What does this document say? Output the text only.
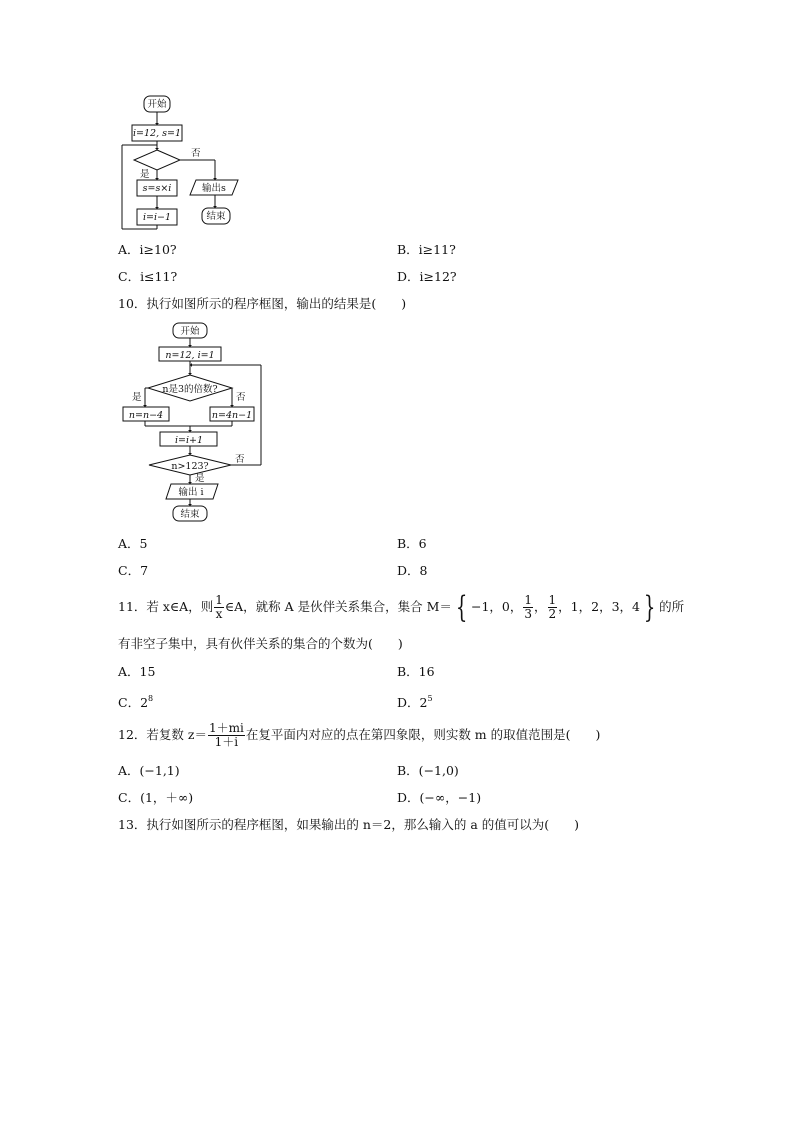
开始
i=12, s=1
否
是
s=s×i
i=i−1
输出s
结束
A．i≥10?	B．i≥11?
C．i≤11?	D．i≥12?
10．执行如图所示的程序框图，输出的结果是(　　)
开始
n=12, i=1
n是3的倍数?
是	否
n=n−4	n=4n−1
i=i+1
n>123?
否
是
输出 i
结束
A．5	B．6
C．7	D．8
11．若 x∈A，则 $\frac{1}{x}$ ∈A，就称 A 是伙伴关系集合，集合 M＝ { −1，0， $\frac{1}{3}$ ， $\frac{1}{2}$ ，1，2，3，4 } 的所
有非空子集中，具有伙伴关系的集合的个数为(　　)
A．15	B．16
C．$2^8$	D．$2^5$
12．若复数 $z= \frac{1+mi}{1+i}$ 在复平面内对应的点在第四象限，则实数 m 的取值范围是(　　)
A．(−1,1)	B．(−1,0)
C．(1，＋∞)	D．(−∞，−1)
13．执行如图所示的程序框图，如果输出的 n＝2，那么输入的 a 的值可以为(　　)
